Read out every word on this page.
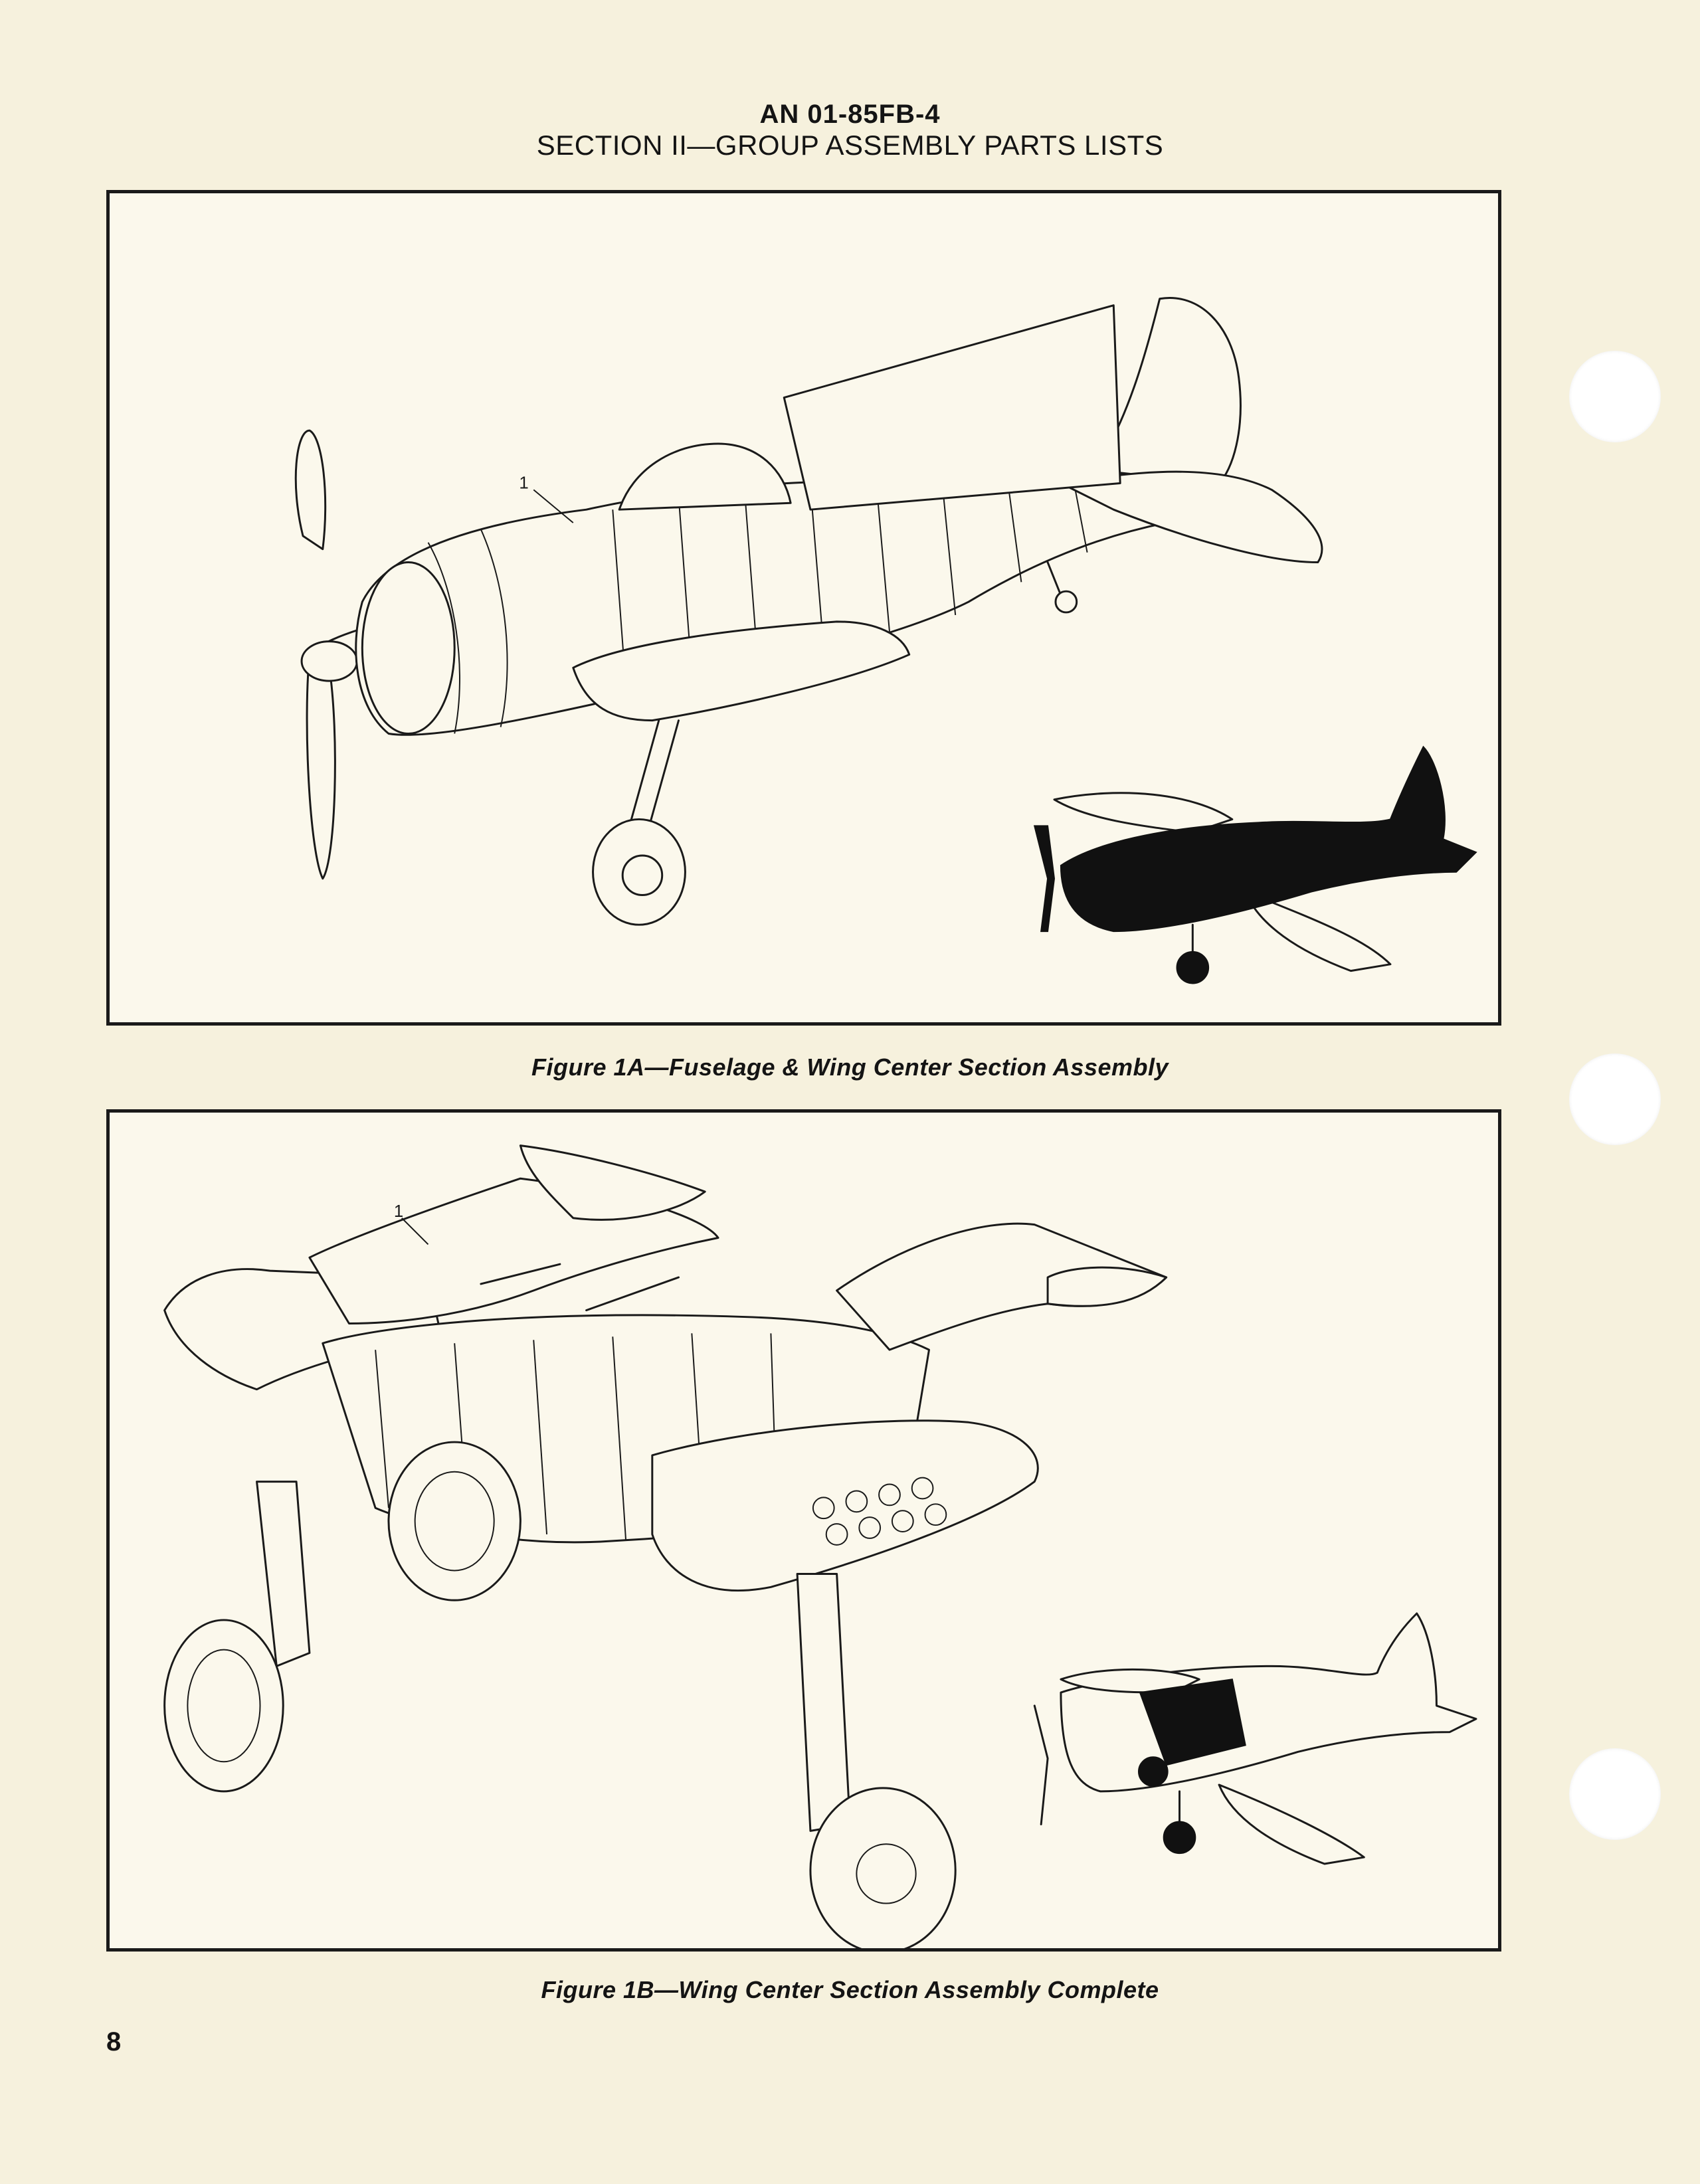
AN 01-85FB-4
SECTION II—GROUP ASSEMBLY PARTS LISTS
1
Figure 1A—Fuselage & Wing Center Section Assembly
1
Figure 1B—Wing Center Section Assembly Complete
8
